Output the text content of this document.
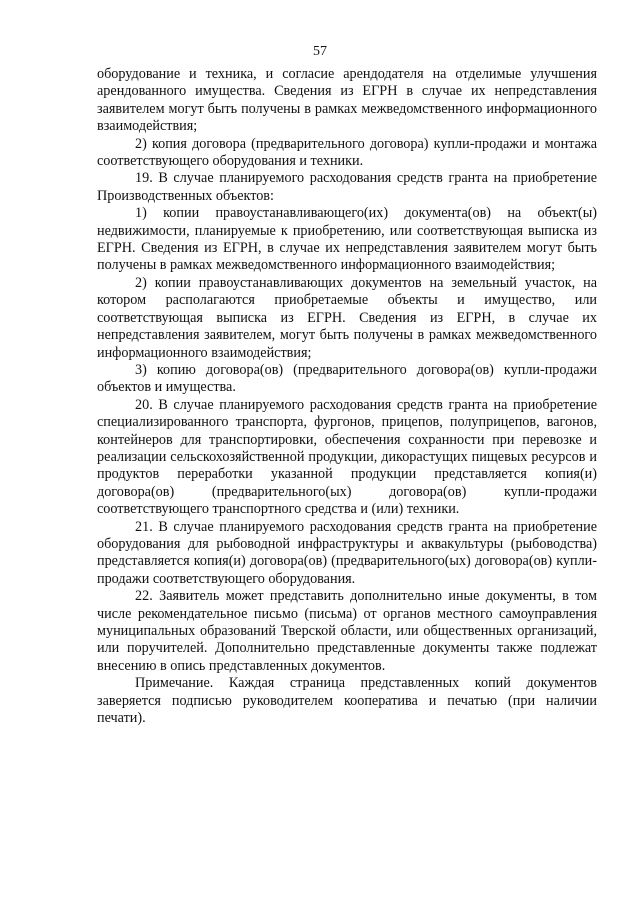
57

оборудование и техника, и согласие арендодателя на отделимые улучшения арендованного имущества. Сведения из ЕГРН в случае их непредставления заявителем могут быть получены в рамках межведомственного информационного взаимодействия;

2) копия договора (предварительного договора) купли-продажи и монтажа соответствующего оборудования и техники.

19. В случае планируемого расходования средств гранта на приобретение Производственных объектов:

1) копии правоустанавливающего(их) документа(ов) на объект(ы) недвижимости, планируемые к приобретению, или соответствующая выписка из ЕГРН. Сведения из ЕГРН, в случае их непредставления заявителем могут быть получены в рамках межведомственного информационного взаимодействия;

2) копии правоустанавливающих документов на земельный участок, на котором располагаются приобретаемые объекты и имущество, или соответствующая выписка из ЕГРН. Сведения из ЕГРН, в случае их непредставления заявителем, могут быть получены в рамках межведомственного информационного взаимодействия;

3) копию договора(ов) (предварительного договора(ов) купли-продажи объектов и имущества.

20. В случае планируемого расходования средств гранта на приобретение специализированного транспорта, фургонов, прицепов, полуприцепов, вагонов, контейнеров для транспортировки, обеспечения сохранности при перевозке и реализации сельскохозяйственной продукции, дикорастущих пищевых ресурсов и продуктов переработки указанной продукции представляется копия(и) договора(ов) (предварительного(ых) договора(ов) купли-продажи соответствующего транспортного средства и (или) техники.

21. В случае планируемого расходования средств гранта на приобретение оборудования для рыбоводной инфраструктуры и аквакультуры (рыбоводства) представляется копия(и) договора(ов) (предварительного(ых) договора(ов) купли-продажи соответствующего оборудования.

22. Заявитель может представить дополнительно иные документы, в том числе рекомендательное письмо (письма) от органов местного самоуправления муниципальных образований Тверской области, или общественных организаций, или поручителей. Дополнительно представленные документы также подлежат внесению в опись представленных документов.

Примечание. Каждая страница представленных копий документов заверяется подписью руководителем кооператива и печатью (при наличии печати).
